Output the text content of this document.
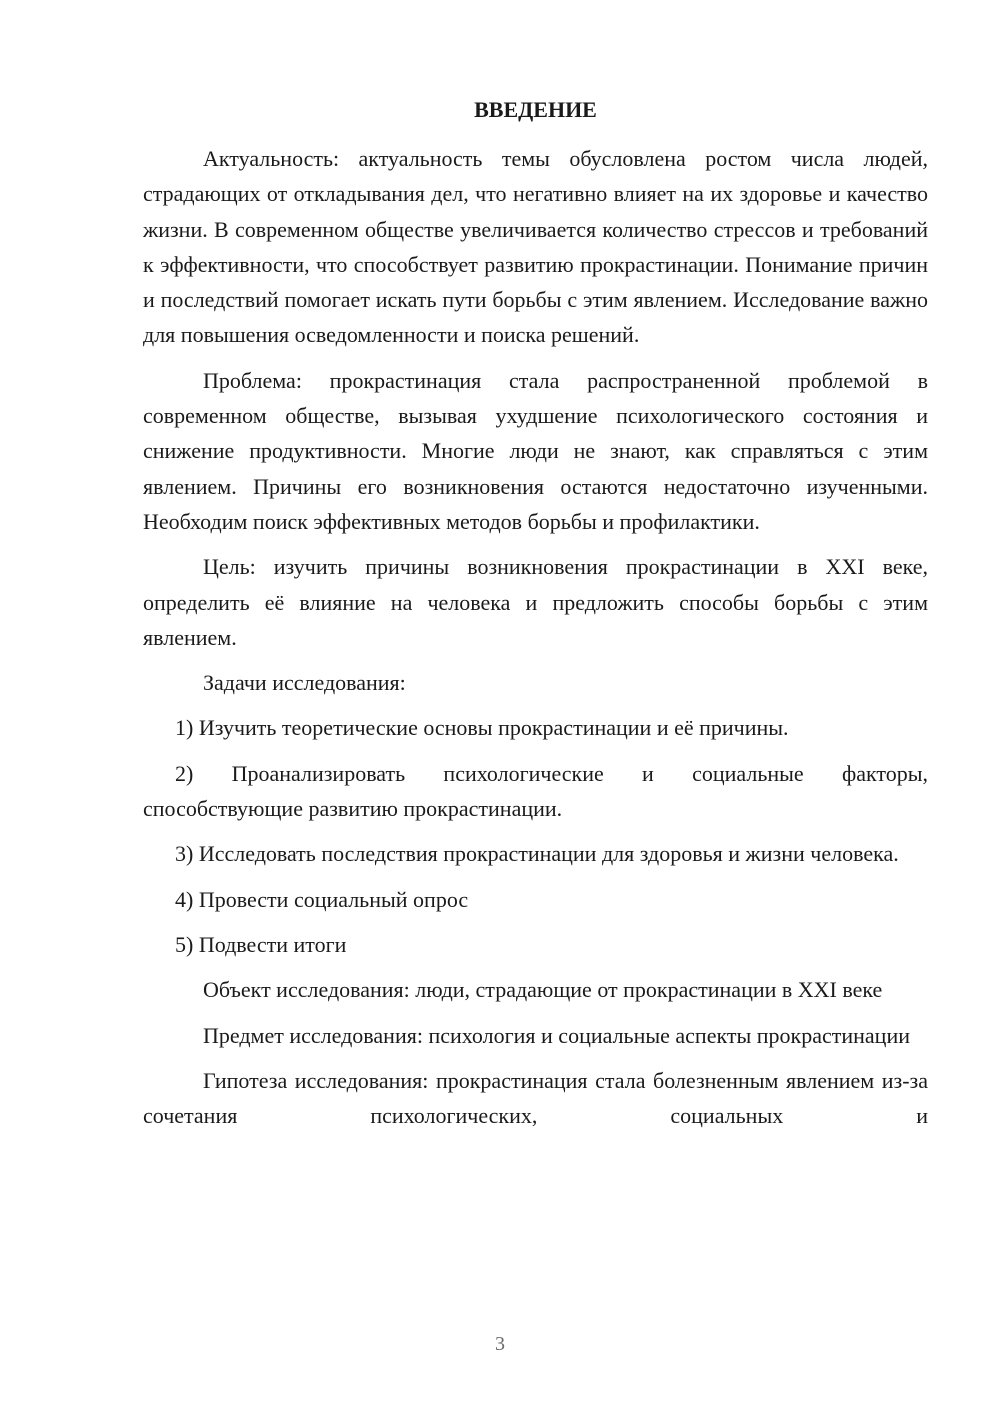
ВВЕДЕНИЕ

Актуальность: актуальность темы обусловлена ростом числа людей, страдающих от откладывания дел, что негативно влияет на их здоровье и качество жизни. В современном обществе увеличивается количество стрессов и требований к эффективности, что способствует развитию прокрастинации. Понимание причин и последствий помогает искать пути борьбы с этим явлением. Исследование важно для повышения осведомленности и поиска решений.

Проблема: прокрастинация стала распространенной проблемой в современном обществе, вызывая ухудшение психологического состояния и снижение продуктивности. Многие люди не знают, как справляться с этим явлением. Причины его возникновения остаются недостаточно изученными. Необходим поиск эффективных методов борьбы и профилактики.

Цель: изучить причины возникновения прокрастинации в XXI веке, определить её влияние на человека и предложить способы борьбы с этим явлением.

Задачи исследования:

1) Изучить теоретические основы прокрастинации и её причины.

2) Проанализировать психологические и социальные факторы, способствующие развитию прокрастинации.

3) Исследовать последствия прокрастинации для здоровья и жизни человека.

4) Провести социальный опрос

5) Подвести итоги

Объект исследования: люди, страдающие от прокрастинации в XXI веке

Предмет исследования: психология и социальные аспекты прокрастинации

Гипотеза исследования: прокрастинация стала болезненным явлением из-за сочетания психологических, социальных и

3
